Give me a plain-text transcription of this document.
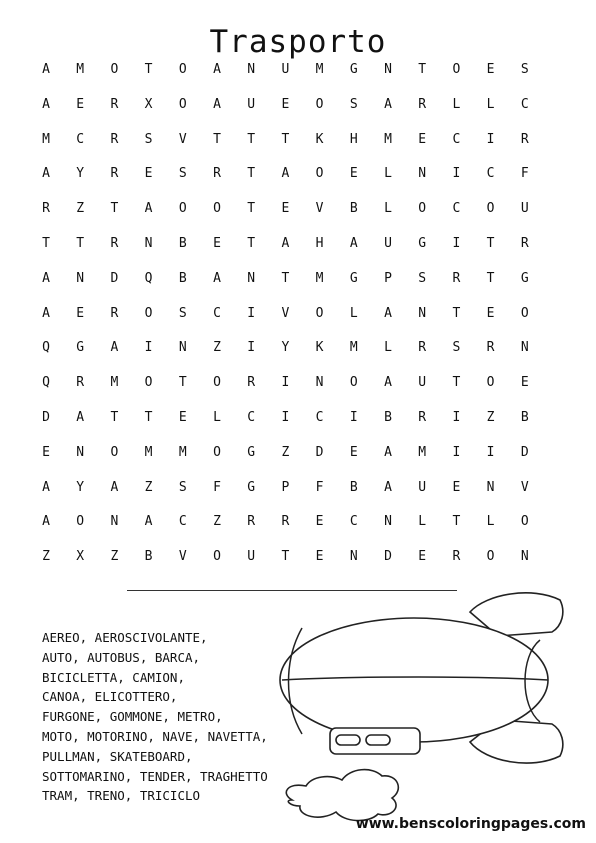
Trasporto
A	M	O	T	O	A	N	U	M	G	N	T	O	E	S
A	E	R	X	O	A	U	E	O	S	A	R	L	L	C
M	C	R	S	V	T	T	T	K	H	M	E	C	I	R
A	Y	R	E	S	R	T	A	O	E	L	N	I	C	F
R	Z	T	A	O	O	T	E	V	B	L	O	C	O	U
T	T	R	N	B	E	T	A	H	A	U	G	I	T	R
A	N	D	Q	B	A	N	T	M	G	P	S	R	T	G
A	E	R	O	S	C	I	V	O	L	A	N	T	E	O
Q	G	A	I	N	Z	I	Y	K	M	L	R	S	R	N
Q	R	M	O	T	O	R	I	N	O	A	U	T	O	E
D	A	T	T	E	L	C	I	C	I	B	R	I	Z	B
E	N	O	M	M	O	G	Z	D	E	A	M	I	I	D
A	Y	A	Z	S	F	G	P	F	B	A	U	E	N	V
A	O	N	A	C	Z	R	R	E	C	N	L	T	L	O
Z	X	Z	B	V	O	U	T	E	N	D	E	R	O	N
AEREO, AEROSCIVOLANTE,
AUTO, AUTOBUS, BARCA,
BICICLETTA, CAMION,
CANOA, ELICOTTERO,
FURGONE, GOMMONE, METRO,
MOTO, MOTORINO, NAVE, NAVETTA,
PULLMAN, SKATEBOARD,
SOTTOMARINO, TENDER, TRAGHETTO
TRAM, TRENO, TRICICLO
www.benscoloringpages.com
